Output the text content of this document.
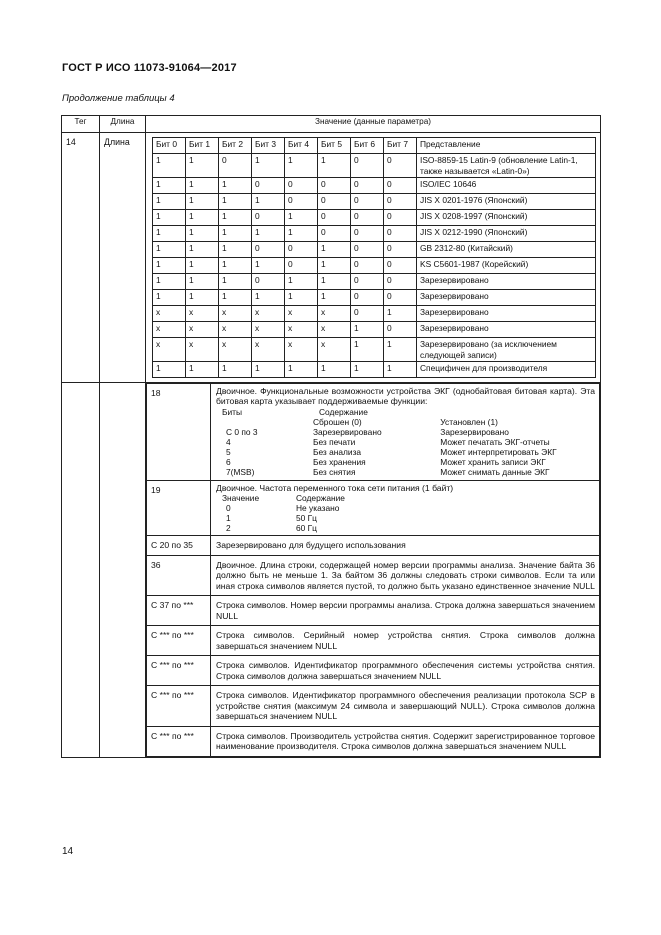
ГОСТ Р ИСО 11073-91064—2017
Продолжение таблицы 4
Тег	Длина	Значение (данные параметра)
14	Длина		Бит 0	Бит 1	Бит 2	Бит 3	Бит 4	Бит 5	Бит 6	Бит 7	Представление
1	1	0	1	1	1	0	0	ISO-8859-15 Latin-9 (обновление Latin-1, также называется «Latin-0»)
1	1	1	0	0	0	0	0	ISO/IEC 10646
1	1	1	1	0	0	0	0	JIS X 0201-1976 (Японский)
1	1	1	0	1	0	0	0	JIS X 0208-1997 (Японский)
1	1	1	1	1	0	0	0	JIS X 0212-1990 (Японский)
1	1	1	0	0	1	0	0	GB 2312-80 (Китайский)
1	1	1	1	0	1	0	0	KS C5601-1987 (Корейский)
1	1	1	0	1	1	0	0	Зарезервировано
1	1	1	1	1	1	0	0	Зарезервировано
x	x	x	x	x	x	0	1	Зарезервировано
x	x	x	x	x	x	1	0	Зарезервировано
x	x	x	x	x	x	1	1	Зарезервировано (за исключением следующей записи)
1	1	1	1	1	1	1	1	Специфичен для производителя

18	Двоичное. Функциональные возможности устройства ЭКГ (однобайтовая битовая карта). Эта битовая карта указывает поддерживаемые функции:
Биты	Содержание	
	Сброшен (0)	Установлен (1)
С 0 по 3	Зарезервировано	Зарезервировано
4	Без печати	Может печатать ЭКГ-отчеты
5	Без анализа	Может интерпретировать ЭКГ
6	Без хранения	Может хранить записи ЭКГ
7(MSB)	Без снятия	Может снимать данные ЭКГ

19	Двоичное. Частота переменного тока сети питания (1 байт)
Значение	Содержание
0	Не указано
1	50 Гц
2	60 Гц

С 20 по 35	Зарезервировано для будущего использования
36	Двоичное. Длина строки, содержащей номер версии программы анализа. Значение байта 36 должно быть не меньше 1. За байтом 36 должны следовать строки символов. Если та или иная строка символов является пустой, то должно быть указано единственное значение NULL
С 37 по ***	Строка символов. Номер версии программы анализа. Строка должна завершаться значением NULL
С *** по ***	Строка символов. Серийный номер устройства снятия. Строка символов должна завершаться значением NULL
С *** по ***	Строка символов. Идентификатор программного обеспечения системы устройства снятия. Строка символов должна завершаться значением NULL
С *** по ***	Строка символов. Идентификатор программного обеспечения реализации протокола SCP в устройстве снятия (максимум 24 символа и завершающий NULL). Строка символов должна завершаться значением NULL
С *** по ***	Строка символов. Производитель устройства снятия. Содержит зарегистрированное торговое наименование производителя. Строка символов должна завершаться значением NULL
14
